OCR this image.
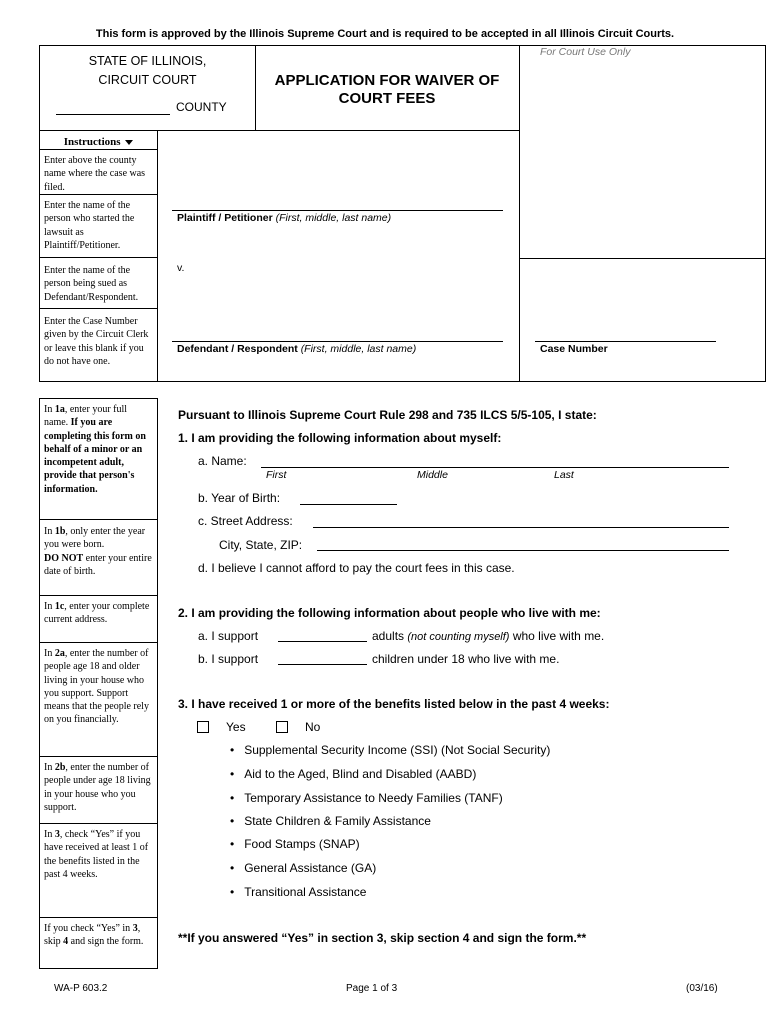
This form is approved by the Illinois Supreme Court and is required to be accepted in all Illinois Circuit Courts.
STATE OF ILLINOIS,
CIRCUIT COURT
COUNTY
APPLICATION FOR WAIVER OF
COURT FEES
For Court Use Only
Instructions
Enter above the county name where the case was filed.
Enter the name of the person who started the lawsuit as Plaintiff/Petitioner.
Enter the name of the person being sued as Defendant/Respondent.
Enter the Case Number given by the Circuit Clerk or leave this blank if you do not have one.
Plaintiff / Petitioner (First, middle, last name)
v.
Defendant / Respondent (First, middle, last name)	Case Number
In 1a, enter your full name. If you are completing this form on behalf of a minor or an incompetent adult, provide that person's information.
In 1b, only enter the year you were born.
DO NOT enter your entire date of birth.
In 1c, enter your complete current address.
In 2a, enter the number of people age 18 and older living in your house who you support. Support means that the people rely on you financially.
In 2b, enter the number of people under age 18 living in your house who you support.
In 3, check “Yes” if you have received at least 1 of the benefits listed in the past 4 weeks.
If you check “Yes” in 3, skip 4 and sign the form.
Pursuant to Illinois Supreme Court Rule 298 and 735 ILCS 5/5-105, I state:
1. I am providing the following information about myself:
a. Name:
First	Middle	Last
b. Year of Birth:
c. Street Address:
City, State, ZIP:
d. I believe I cannot afford to pay the court fees in this case.
2. I am providing the following information about people who live with me:
a. I support	adults (not counting myself) who live with me.
b. I support	children under 18 who live with me.
3. I have received 1 or more of the benefits listed below in the past 4 weeks:
Yes	No
•   Supplemental Security Income (SSI) (Not Social Security)
•   Aid to the Aged, Blind and Disabled (AABD)
•   Temporary Assistance to Needy Families (TANF)
•   State Children & Family Assistance
•   Food Stamps (SNAP)
•   General Assistance (GA)
•   Transitional Assistance
**If you answered “Yes” in section 3, skip section 4 and sign the form.**
WA-P 603.2	Page 1 of 3	(03/16)
